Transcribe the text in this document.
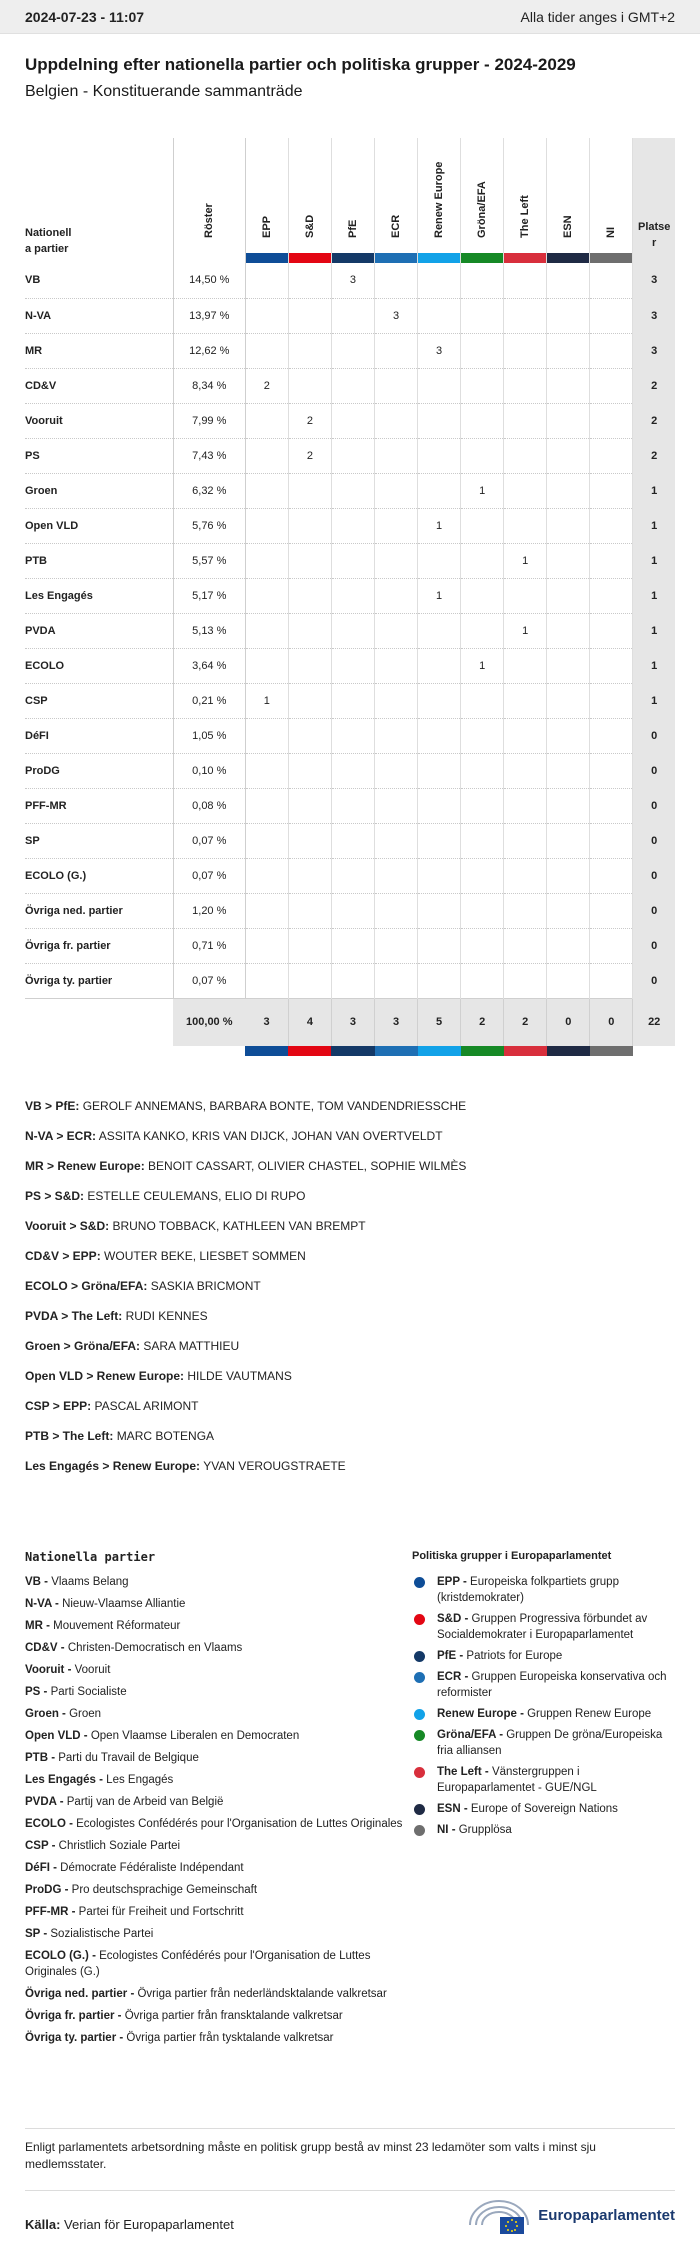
2024-07-23 - 11:07	Alla tider anges i GMT+2
Uppdelning efter nationella partier och politiska grupper - 2024-2029
Belgien - Konstituerande sammanträde
Nationell
a partier	Röster	EPP	S&D	PfE	ECR	Renew Europe	Gröna/EFA	The Left	ESN	NI	Platse
r
VB	14,50 %			3							3
N-VA	13,97 %				3						3
MR	12,62 %					3					3
CD&V	8,34 %	2									2
Vooruit	7,99 %		2								2
PS	7,43 %		2								2
Groen	6,32 %						1				1
Open VLD	5,76 %					1					1
PTB	5,57 %							1			1
Les Engagés	5,17 %					1					1
PVDA	5,13 %							1			1
ECOLO	3,64 %						1				1
CSP	0,21 %	1									1
DéFI	1,05 %										0
ProDG	0,10 %										0
PFF-MR	0,08 %										0
SP	0,07 %										0
ECOLO (G.)	0,07 %										0
Övriga ned. partier	1,20 %										0
Övriga fr. partier	0,71 %										0
Övriga ty. partier	0,07 %										0
	100,00 %	3	4	3	3	5	2	2	0	0	22

VB > PfE: GEROLF ANNEMANS, BARBARA BONTE, TOM VANDENDRIESSCHE

N-VA > ECR: ASSITA KANKO, KRIS VAN DIJCK, JOHAN VAN OVERTVELDT

MR > Renew Europe: BENOIT CASSART, OLIVIER CHASTEL, SOPHIE WILMÈS

PS > S&D: ESTELLE CEULEMANS, ELIO DI RUPO

Vooruit > S&D: BRUNO TOBBACK, KATHLEEN VAN BREMPT

CD&V > EPP: WOUTER BEKE, LIESBET SOMMEN

ECOLO > Gröna/EFA: SASKIA BRICMONT

PVDA > The Left: RUDI KENNES

Groen > Gröna/EFA: SARA MATTHIEU

Open VLD > Renew Europe: HILDE VAUTMANS

CSP > EPP: PASCAL ARIMONT

PTB > The Left: MARC BOTENGA

Les Engagés > Renew Europe: YVAN VEROUGSTRAETE

Nationella partier

VB - Vlaams Belang

N-VA - Nieuw-Vlaamse Alliantie

MR - Mouvement Réformateur

CD&V - Christen-Democratisch en Vlaams

Vooruit - Vooruit

PS - Parti Socialiste

Groen - Groen

Open VLD - Open Vlaamse Liberalen en Democraten

PTB - Parti du Travail de Belgique

Les Engagés - Les Engagés

PVDA - Partij van de Arbeid van België

ECOLO - Ecologistes Confédérés pour l'Organisation de Luttes Originales

CSP - Christlich Soziale Partei

DéFI - Démocrate Fédéraliste Indépendant

ProDG - Pro deutschsprachige Gemeinschaft

PFF-MR - Partei für Freiheit und Fortschritt

SP - Sozialistische Partei

ECOLO (G.) - Ecologistes Confédérés pour l'Organisation de Luttes Originales (G.)

Övriga ned. partier - Övriga partier från nederländsktalande valkretsar

Övriga fr. partier - Övriga partier från fransktalande valkretsar

Övriga ty. partier - Övriga partier från tysktalande valkretsar

Politiska grupper i Europaparlamentet
EPP - Europeiska folkpartiets grupp (kristdemokrater)
S&D - Gruppen Progressiva förbundet av Socialdemokrater i Europaparlamentet
PfE - Patriots for Europe
ECR - Gruppen Europeiska konservativa och reformister
Renew Europe - Gruppen Renew Europe
Gröna/EFA - Gruppen De gröna/Europeiska fria alliansen
The Left - Vänstergruppen i Europaparlamentet - GUE/NGL
ESN - Europe of Sovereign Nations
NI - Grupplösa
Enligt parlamentets arbetsordning måste en politisk grupp bestå av minst 23 ledamöter som valts i minst sju medlemsstater.
Källa: Verian för Europaparlamentet
Europaparlamentet
